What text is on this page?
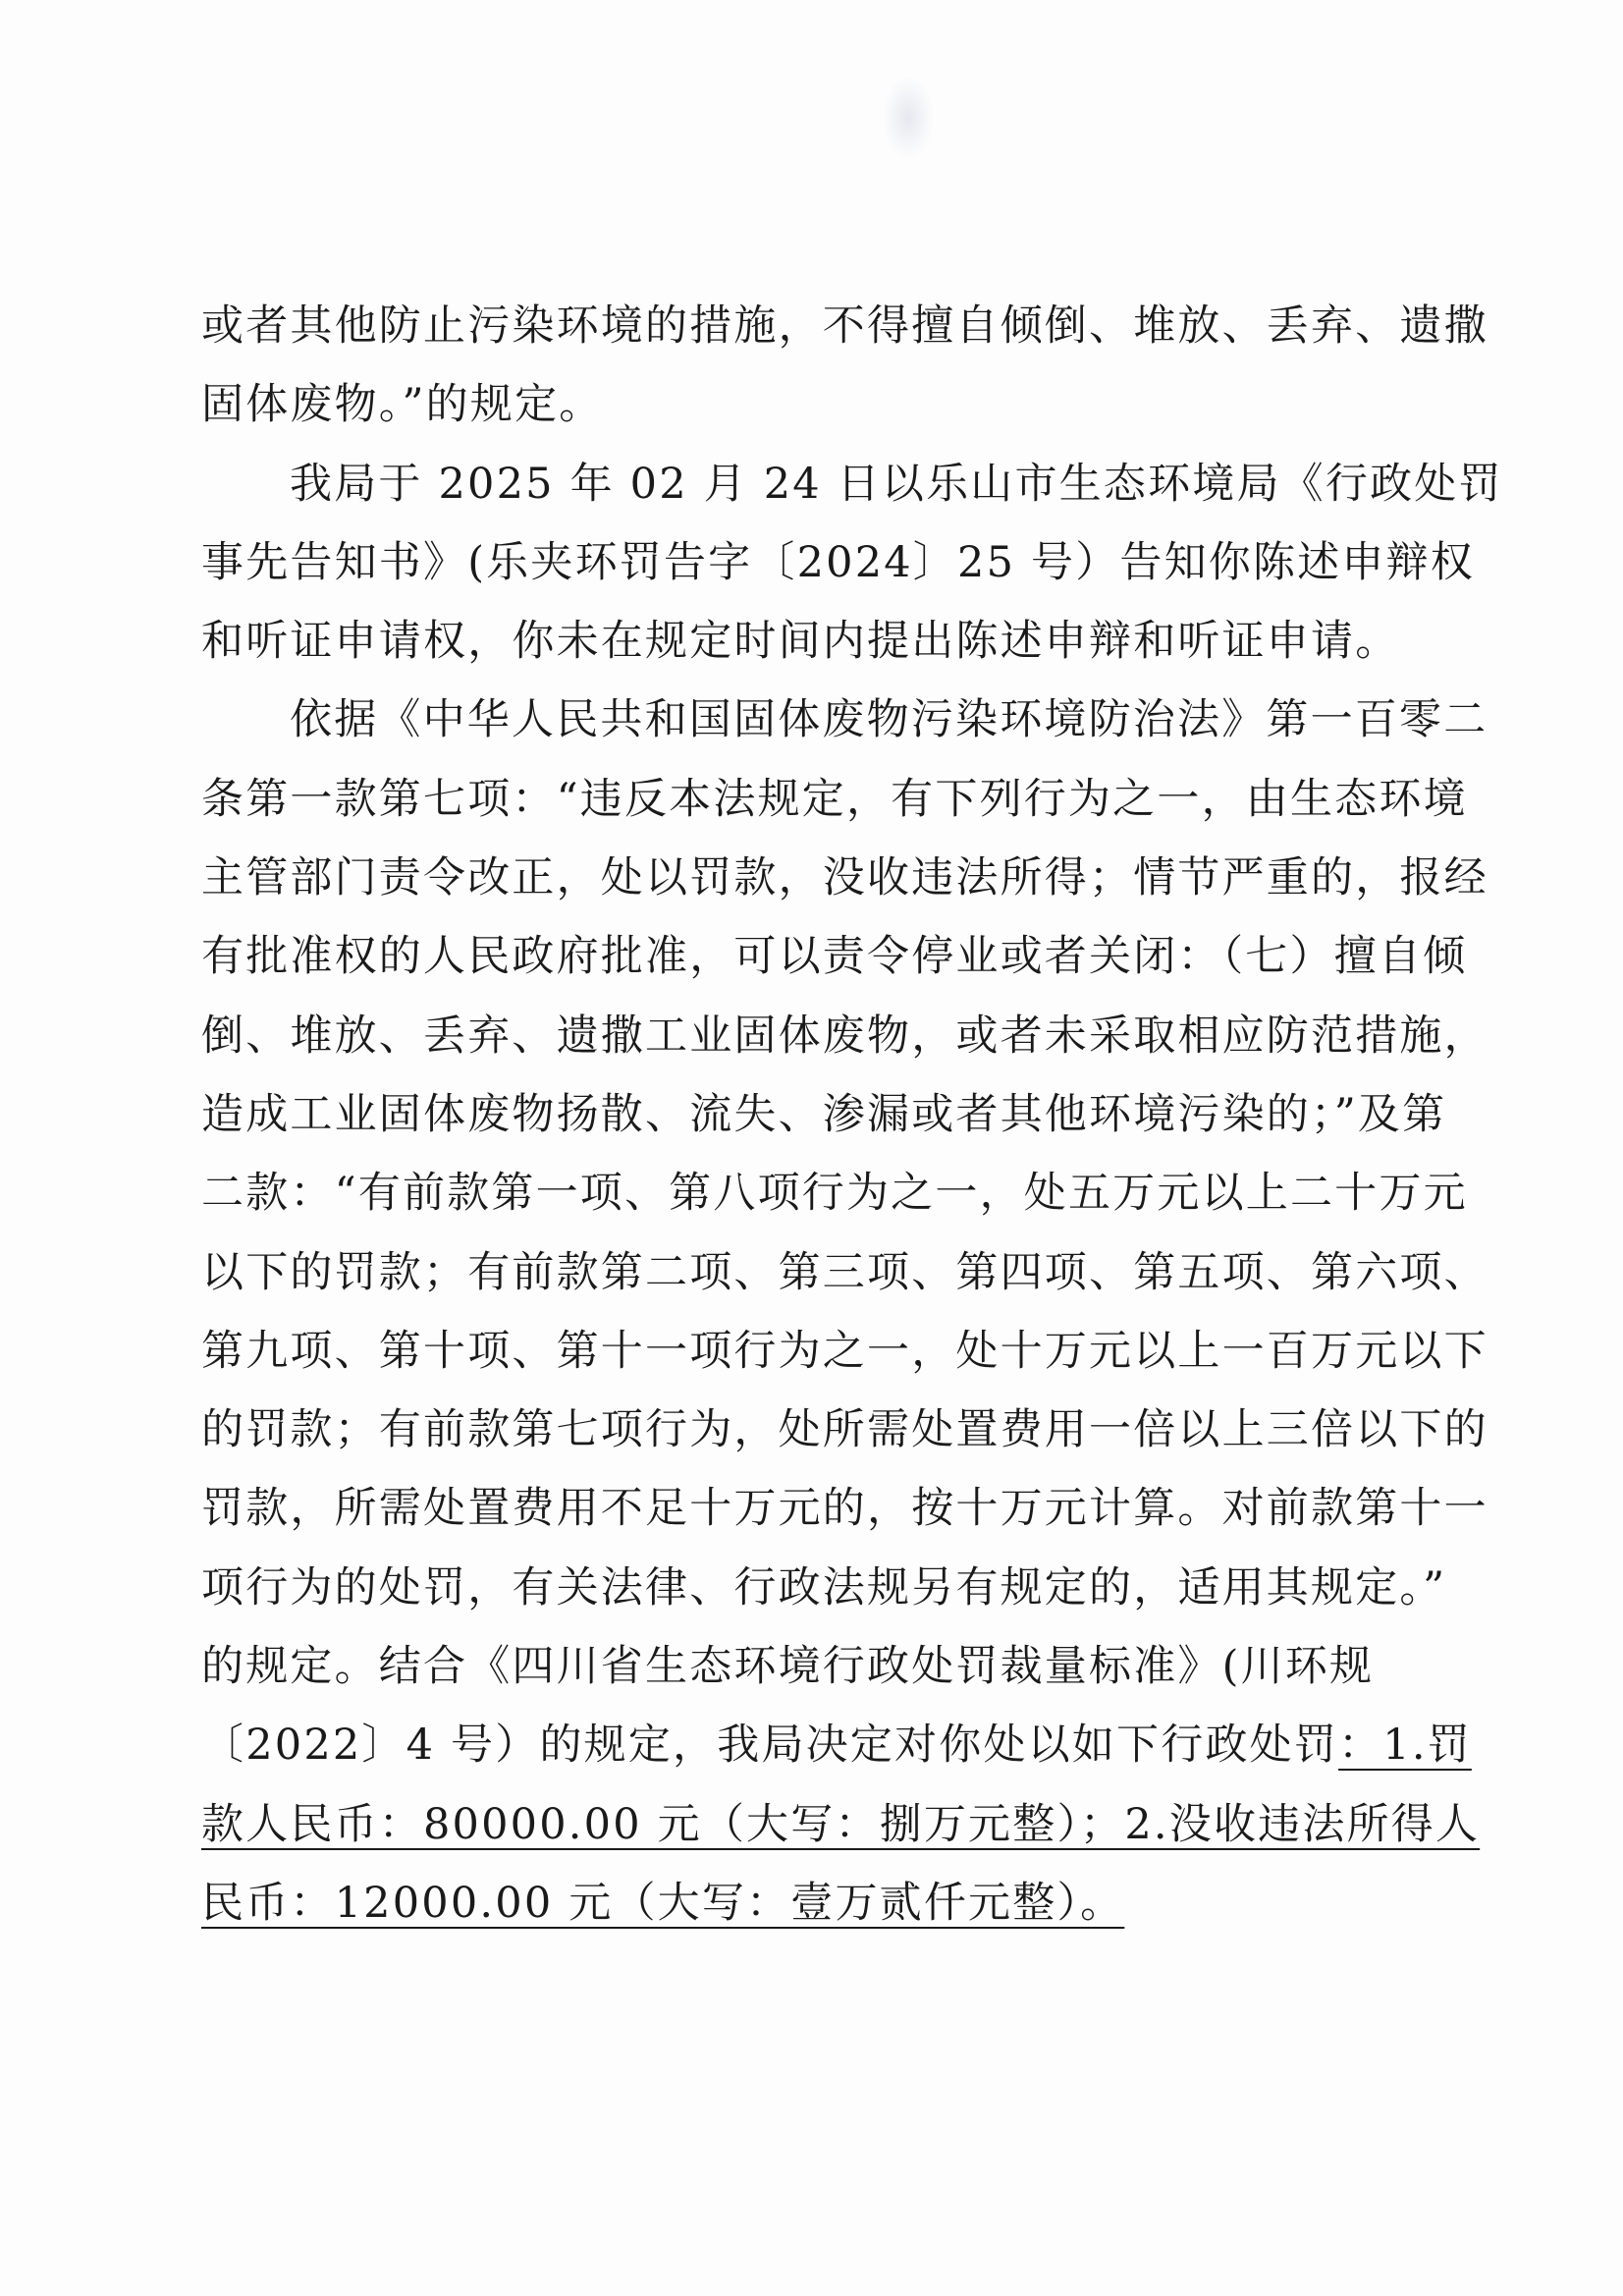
或者其他防止污染环境的措施，不得擅自倾倒、堆放、丢弃、遗撒
固体废物。”的规定。
我局于 2025 年 02 月 24 日以乐山市生态环境局《行政处罚
事先告知书》(乐夹环罚告字〔2024〕25 号）告知你陈述申辩权
和听证申请权，你未在规定时间内提出陈述申辩和听证申请。
依据《中华人民共和国固体废物污染环境防治法》第一百零二
条第一款第七项：“违反本法规定，有下列行为之一，由生态环境
主管部门责令改正，处以罚款，没收违法所得；情节严重的，报经
有批准权的人民政府批准，可以责令停业或者关闭：（七）擅自倾
倒、堆放、丢弃、遗撒工业固体废物，或者未采取相应防范措施，
造成工业固体废物扬散、流失、渗漏或者其他环境污染的；”及第
二款：“有前款第一项、第八项行为之一，处五万元以上二十万元
以下的罚款；有前款第二项、第三项、第四项、第五项、第六项、
第九项、第十项、第十一项行为之一，处十万元以上一百万元以下
的罚款；有前款第七项行为，处所需处置费用一倍以上三倍以下的
罚款，所需处置费用不足十万元的，按十万元计算。对前款第十一
项行为的处罚，有关法律、行政法规另有规定的，适用其规定。”
的规定。结合《四川省生态环境行政处罚裁量标准》(川环规
〔2022〕4 号）的规定，我局决定对你处以如下行政处罚：1.罚
款人民币：80000.00 元（大写：捌万元整）；2.没收违法所得人
民币：12000.00 元（大写：壹万贰仟元整）。
